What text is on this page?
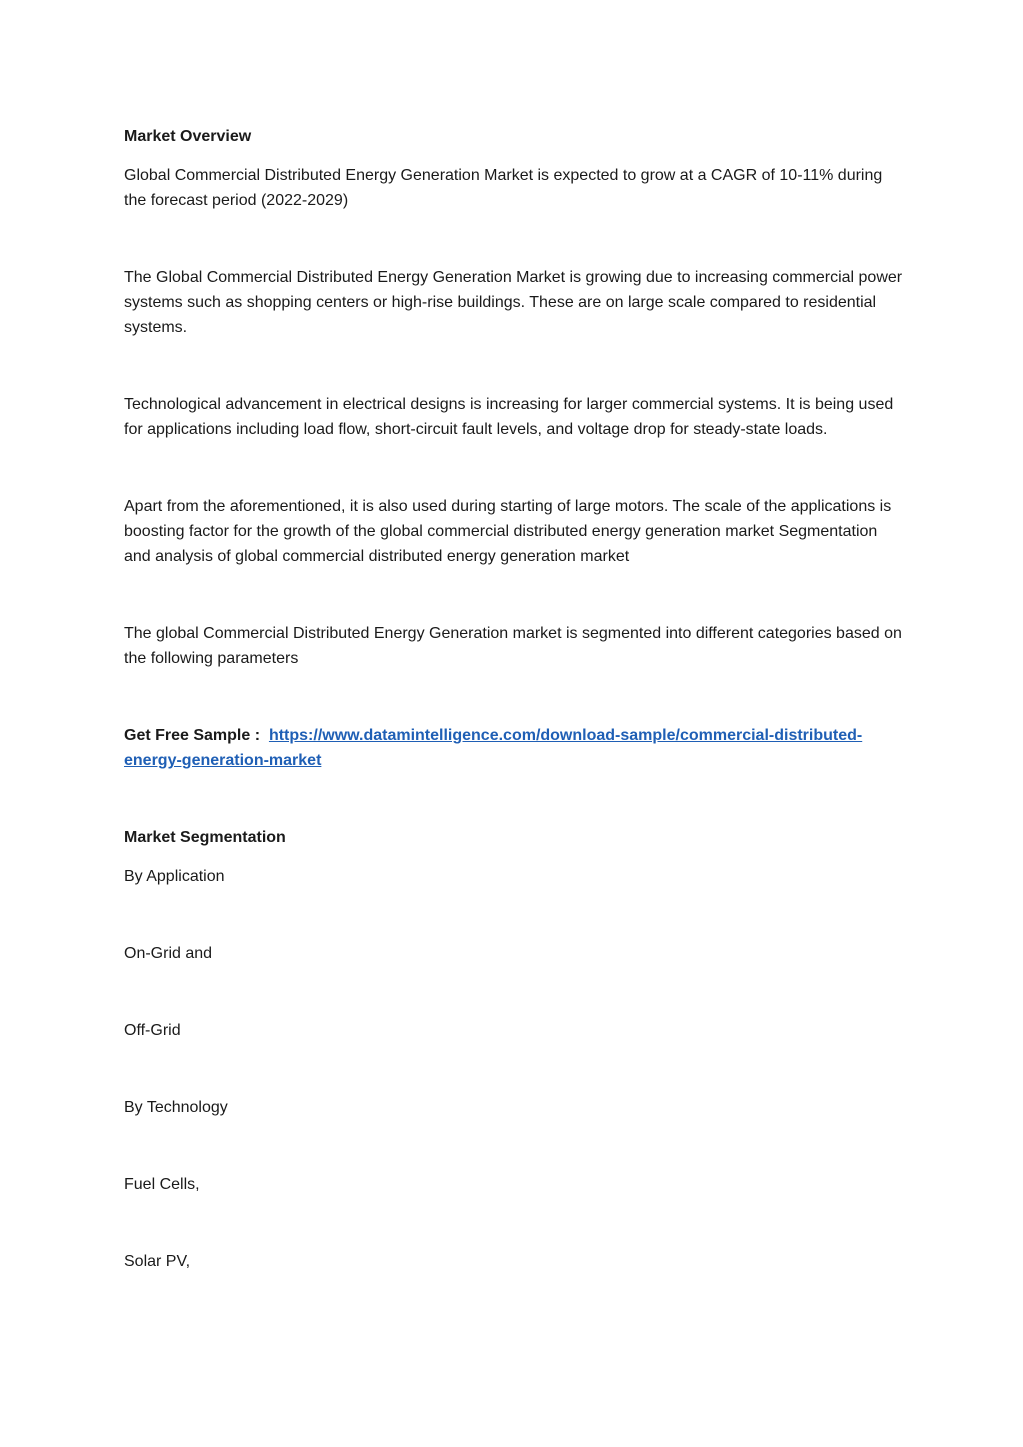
Market Overview

Global Commercial Distributed Energy Generation Market is expected to grow at a CAGR of 10-11% during the forecast period (2022-2029)

The Global Commercial Distributed Energy Generation Market is growing due to increasing commercial power systems such as shopping centers or high-rise buildings. These are on large scale compared to residential systems.

Technological advancement in electrical designs is increasing for larger commercial systems. It is being used for applications including load flow, short-circuit fault levels, and voltage drop for steady-state loads.

Apart from the aforementioned, it is also used during starting of large motors. The scale of the applications is boosting factor for the growth of the global commercial distributed energy generation market Segmentation and analysis of global commercial distributed energy generation market

The global Commercial Distributed Energy Generation market is segmented into different categories based on the following parameters

Get Free Sample : https://www.datamintelligence.com/download-sample/commercial-distributed-energy-generation-market

Market Segmentation

By Application

On-Grid and

Off-Grid

By Technology

Fuel Cells,

Solar PV,
